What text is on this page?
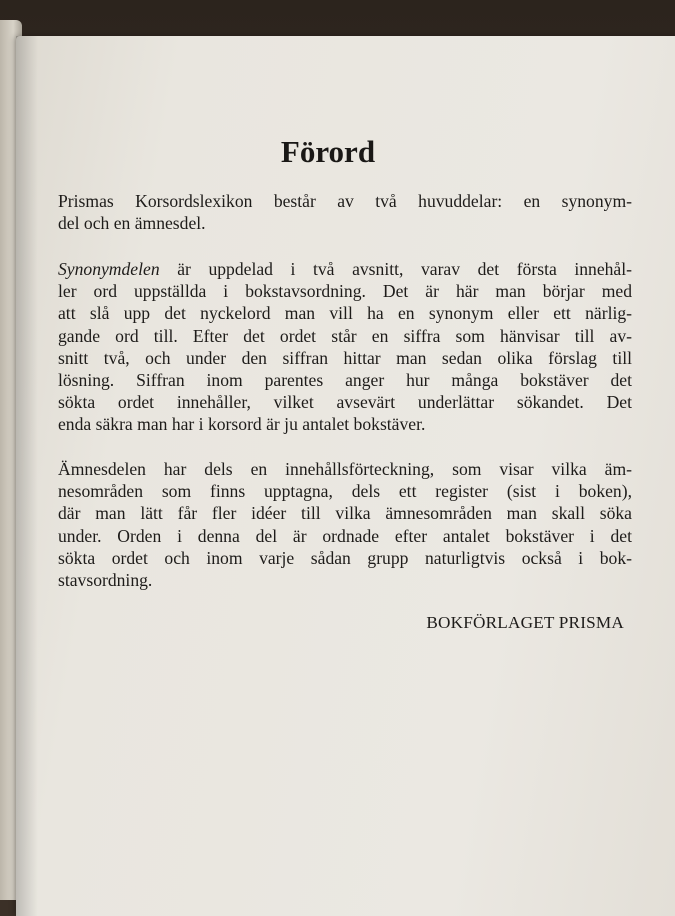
Förord
Prismas Korsordslexikon består av två huvuddelar: en synonym-
del och en ämnesdel.
Synonymdelen är uppdelad i två avsnitt, varav det första innehål-
ler ord uppställda i bokstavsordning. Det är här man börjar med
att slå upp det nyckelord man vill ha en synonym eller ett närlig-
gande ord till. Efter det ordet står en siffra som hänvisar till av-
snitt två, och under den siffran hittar man sedan olika förslag till
lösning. Siffran inom parentes anger hur många bokstäver det
sökta ordet innehåller, vilket avsevärt underlättar sökandet. Det
enda säkra man har i korsord är ju antalet bokstäver.
Ämnesdelen har dels en innehållsförteckning, som visar vilka äm-
nesområden som finns upptagna, dels ett register (sist i boken),
där man lätt får fler idéer till vilka ämnesområden man skall söka
under. Orden i denna del är ordnade efter antalet bokstäver i det
sökta ordet och inom varje sådan grupp naturligtvis också i bok-
stavsordning.
BOKFÖRLAGET PRISMA
